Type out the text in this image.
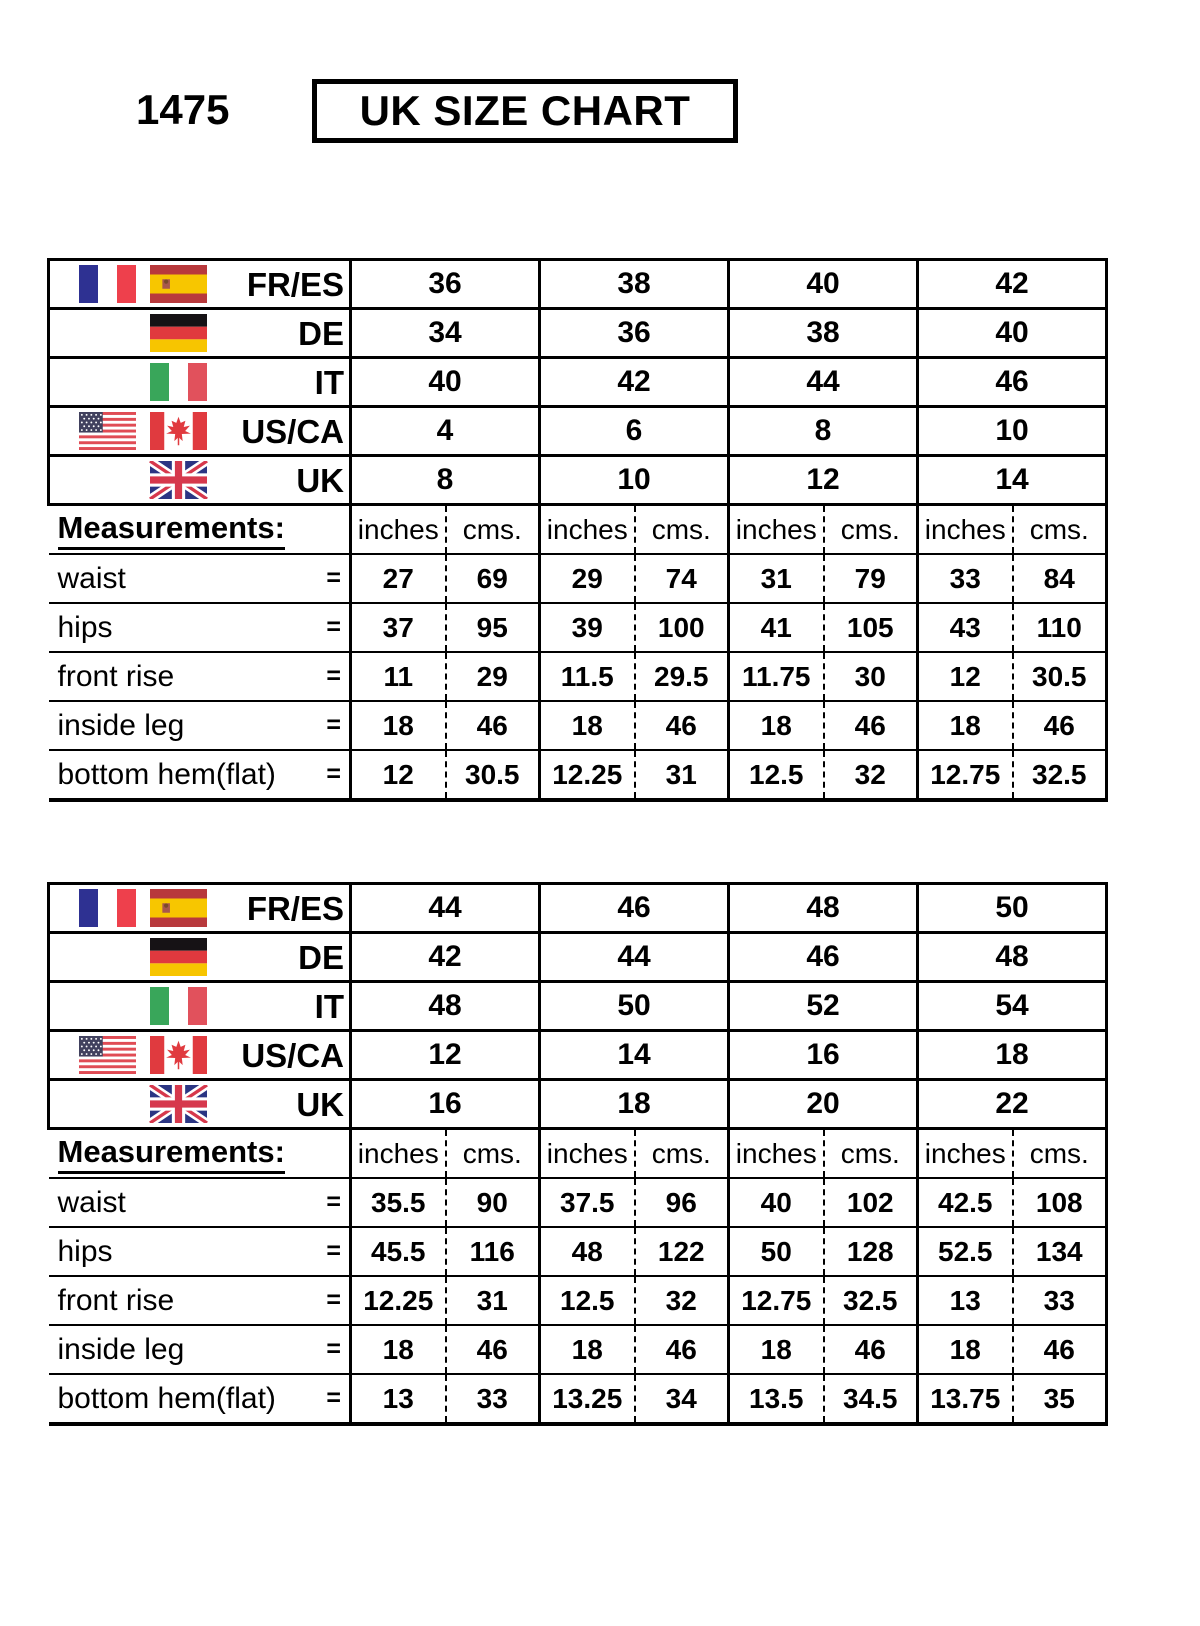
1475	UK SIZE CHART
FR/ES	36		38		40		42	

DE	34		36		38		40	

IT	40		42		44		46	

US/CA	4		6		8		10	

UK	8		10		12		14	

Measurements:	inches	cms.	inches	cms.	inches	cms.	inches	cms.

waist =	27	69	29	74	31	79	33	84

hips =	37	95	39	100	41	105	43	110

front rise =	11	29	11.5	29.5	11.75	30	12	30.5

inside leg =	18	46	18	46	18	46	18	46

bottom hem(flat) =	12	30.5	12.25	31	12.5	32	12.75	32.5
FR/ES	44		46		48		50	

DE	42		44		46		48	

IT	48		50		52		54	

US/CA	12		14		16		18	

UK	16		18		20		22	

Measurements:	inches	cms.	inches	cms.	inches	cms.	inches	cms.

waist =	35.5	90	37.5	96	40	102	42.5	108

hips =	45.5	116	48	122	50	128	52.5	134

front rise =	12.25	31	12.5	32	12.75	32.5	13	33

inside leg =	18	46	18	46	18	46	18	46

bottom hem(flat) =	13	33	13.25	34	13.5	34.5	13.75	35
